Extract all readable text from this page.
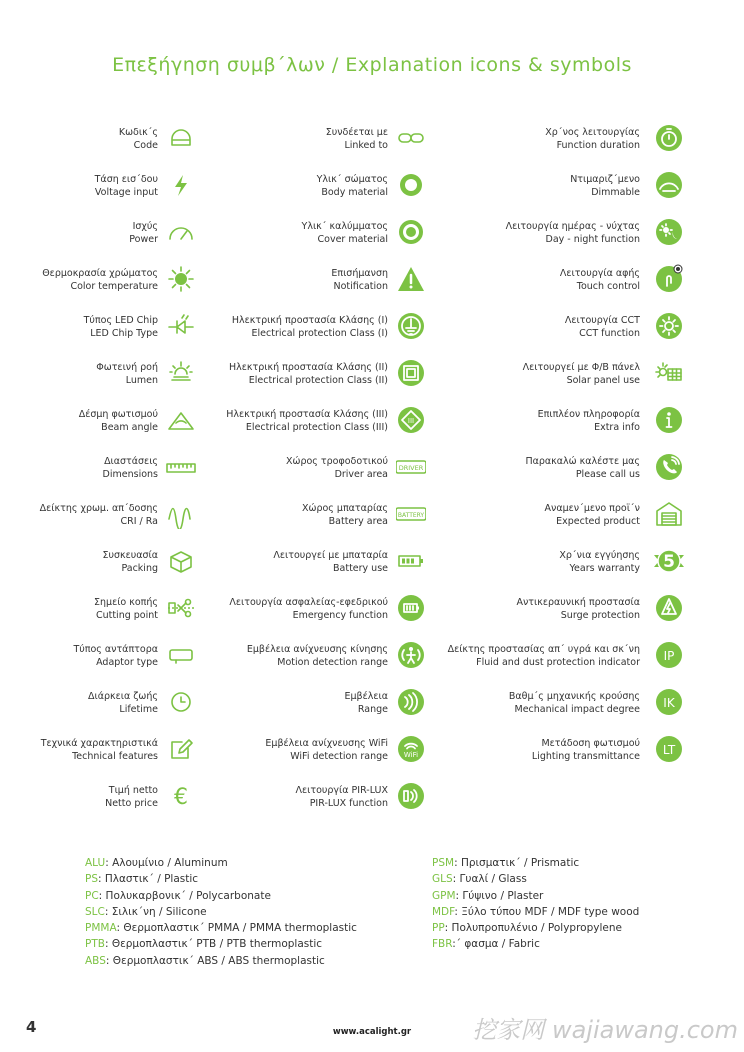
Επεξήγηση συμβ΄λων / Explanation icons & symbols
Κωδικ΄ς
Code
Τάση εισ΄δου
Voltage input
Ισχύς
Power
Θερμοκρασία χρώματος
Color temperature
Τύπος LED Chip
LED Chip Type
Φωτεινή ροή
Lumen
Δέσμη φωτισμού
Beam angle
Διαστάσεις
Dimensions
Δείκτης χρωμ. απ΄δοσης
CRI / Ra
Συσκευασία
Packing
Σημείο κοπής
Cutting point
Τύπος αντάπτορα
Adaptor type
Διάρκεια ζωής
Lifetime
Τεχνικά χαρακτηριστικά
Technical features
Τιμή netto
Netto price €
Συνδέεται με
Linked to
Υλικ΄ σώματος
Body material
Υλικ΄ καλύμματος
Cover material
Επισήμανση
Notification
Ηλεκτρική προστασία Κλάσης (I)
Electrical protection Class (I)
Ηλεκτρική προστασία Κλάσης (II)
Electrical protection Class (II)
Ηλεκτρική προστασία Κλάσης (III)
Electrical protection Class (III)
III
Χώρος τροφοδοτικού
Driver area
DRIVER
Χώρος μπαταρίας
Battery area
BATTERY
Λειτουργεί με μπαταρία
Battery use
Λειτουργία ασφαλείας-εφεδρικού
Emergency function
Εμβέλεια ανίχνευσης κίνησης
Motion detection range
Εμβέλεια
Range
Εμβέλεια ανίχνευσης WiFi
WiFi detection range WiFi
Λειτουργία PIR-LUX
PIR-LUX function
Χρ΄νος λειτουργίας
Function duration
Ντιμαριζ΄μενο
Dimmable
Λειτουργία ημέρας - νύχτας
Day - night function
Λειτουργία αφής
Touch control
Λειτουργία CCT
CCT function
Λειτουργεί με Φ/Β πάνελ
Solar panel use
Επιπλέον πληροφορία
Extra info
Παρακαλώ καλέστε μας
Please call us
Αναμεν΄μενο προϊ΄ν
Expected product
Χρ΄νια εγγύησης
Years warranty 5
Αντικεραυνική προστασία
Surge protection
Δείκτης προστασίας απ΄ υγρά και σκ΄νη
Fluid and dust protection indicator IP
Βαθμ΄ς μηχανικής κρούσης
Mechanical impact degree IK
Μετάδοση φωτισμού
Lighting transmittance LT
ALU: Αλουμίνιο / Aluminum
PS: Πλαστικ΄ / Plastic
PC: Πολυκαρβονικ΄ / Polycarbonate
SLC: Σιλικ΄νη / Silicone
PMMA: Θερμοπλαστικ΄ PMMA / PMMA thermoplastic
PTB: Θερμοπλαστικ΄ PTB / PTB thermoplastic
ABS: Θερμοπλαστικ΄ ABS / ABS thermoplastic
PSM: Πρισματικ΄ / Prismatic
GLS: Γυαλί / Glass
GPM: Γύψινο / Plaster
MDF: Ξύλο τύπου MDF / MDF type wood
PP: Πολυπροπυλένιο / Polypropylene
FBR:΄ φασμα / Fabric
4	www.acalight.gr	挖家网 wajiawang.com
